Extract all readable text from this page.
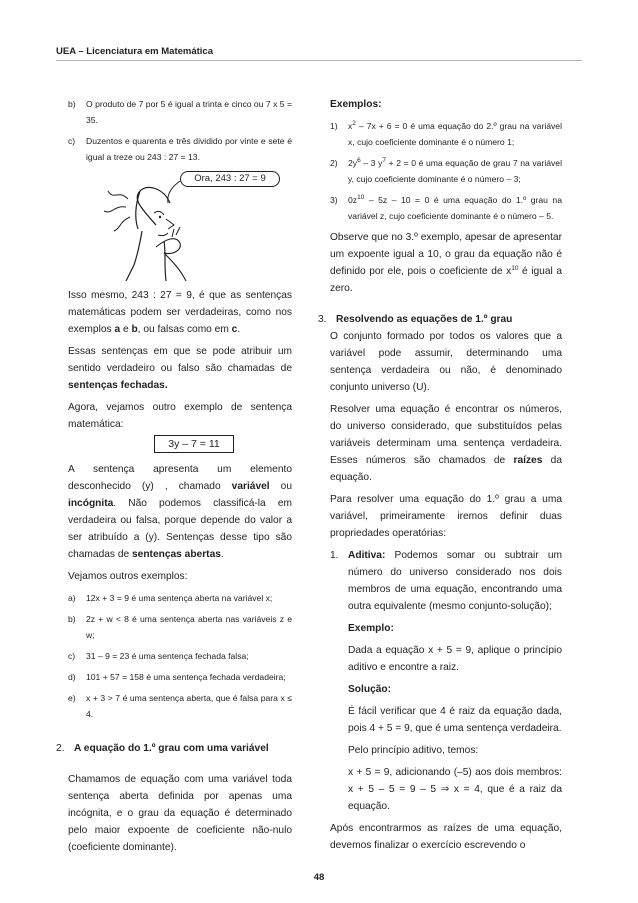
UEA – Licenciatura em Matemática
b)	O produto de 7 por 5 é igual a trinta e cinco ou 7 x 5 = 35.
c)	Duzentos e quarenta e três dividido por vinte e sete é igual a treze ou 243 : 27 = 13.
Ora, 243 : 27 = 9

Isso mesmo, 243 : 27 = 9, é que as sentenças matemáticas podem ser verdadeiras, como nos exemplos a e b, ou falsas como em c.

Essas sentenças em que se pode atribuir um sentido verdadeiro ou falso são chamadas de sentenças fechadas.

Agora, vejamos outro exemplo de sentença matemática:

3y – 7 = 11

A sentença apresenta um elemento desconhecido (y) , chamado variável ou incógnita. Não podemos classificá-la em verdadeira ou falsa, porque depende do valor a ser atribuído a (y). Sentenças desse tipo são chamadas de sentenças abertas.

Vejamos outros exemplos:

a)	12x + 3 = 9 é uma sentença aberta na variável x;
b)	2z + w < 8 é uma sentença aberta nas variáveis z e w;
c)	31 – 9 = 23 é uma sentença fechada falsa;
d)	101 + 57 = 158 é uma sentença fechada verdadeira;
e)	x + 3 > 7 é uma sentença aberta, que é falsa para x ≤ 4.
2. A equação do 1.º grau com uma variável

Chamamos de equação com uma variável toda sentença aberta definida por apenas uma incógnita, e o grau da equação é determinado pelo maior expoente de coeficiente não-nulo (coeficiente dominante).

Exemplos:

1)	$x^2 - 7x + 6 = 0$ é uma equação do 2.º grau na variável x, cujo coeficiente dominante é o número 1;
2)	$2y^6 - 3$ $y^7 + 2 = 0$ é uma equação de grau 7 na variável y, cujo coeficiente dominante é o número – 3;
3)	$0z^{10} - 5z - 10 = 0$ é uma equação do 1.º grau na variável z, cujo coeficiente dominante é o número – 5.

Observe que no 3.º exemplo, apesar de apresentar um expoente igual a 10, o grau da equação não é definido por ele, pois o coeficiente de $x^{10}$ é igual a zero.

3. Resolvendo as equações de 1.º grau

O conjunto formado por todos os valores que a variável pode assumir, determinando uma sentença verdadeira ou não, é denominado conjunto universo (U).

Resolver uma equação é encontrar os números, do universo considerado, que substituídos pelas variáveis determinam uma sentença verdadeira. Esses números são chamados de raízes da equação.

Para resolver uma equação do 1.º grau a uma variável, primeiramente iremos definir duas propriedades operatórias:

1. Aditiva: Podemos somar ou subtrair um número do universo considerado nos dois membros de uma equação, encontrando uma outra equivalente (mesmo conjunto-solução);

Exemplo:

Dada a equação x + 5 = 9, aplique o princípio aditivo e encontre a raiz.

Solução:

É fácil verificar que 4 é raiz da equação dada, pois 4 + 5 = 9, que é uma sentença verdadeira.

Pelo princípio aditivo, temos:

x + 5 = 9, adicionando (–5) aos dois membros: x + 5 – 5 = 9 – 5 ⇒ x = 4, que é a raiz da equação.

Após encontrarmos as raízes de uma equação, devemos finalizar o exercício escrevendo o

48
